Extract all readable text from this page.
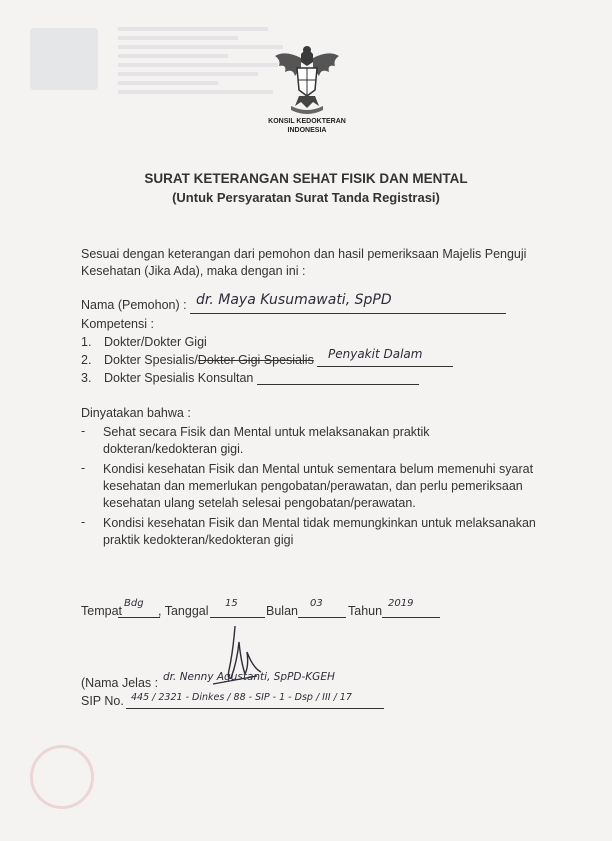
KONSIL KEDOKTERAN
INDONESIA
SURAT KETERANGAN SEHAT FISIK DAN MENTAL
(Untuk Persyaratan Surat Tanda Registrasi)
Sesuai dengan keterangan dari pemohon dan hasil pemeriksaan Majelis Penguji Kesehatan (Jika Ada), maka dengan ini :
Nama (Pemohon) : dr. Maya Kusumawati, SpPD
Kompetensi :
1. Dokter/Dokter Gigi
2. Dokter Spesialis/Dokter Gigi Spesialis Penyakit Dalam
3. Dokter Spesialis Konsultan
Dinyatakan bahwa :
- Sehat secara Fisik dan Mental untuk melaksanakan praktik dokteran/kedokteran gigi.
- Kondisi kesehatan Fisik dan Mental untuk sementara belum memenuhi syarat kesehatan dan memerlukan pengobatan/perawatan, dan perlu pemeriksaan kesehatan ulang setelah selesai pengobatan/perawatan.
- Kondisi kesehatan Fisik dan Mental tidak memungkinkan untuk melaksanakan praktik kedokteran/kedokteran gigi
Tempat
Bdg
, Tanggal
15
Bulan
03
Tahun
2019
(Nama Jelas : dr. Nenny Agustanti, SpPD-KGEH
SIP No. 445 / 2321 - Dinkes / 88 - SIP - 1 - Dsp / III / 17
